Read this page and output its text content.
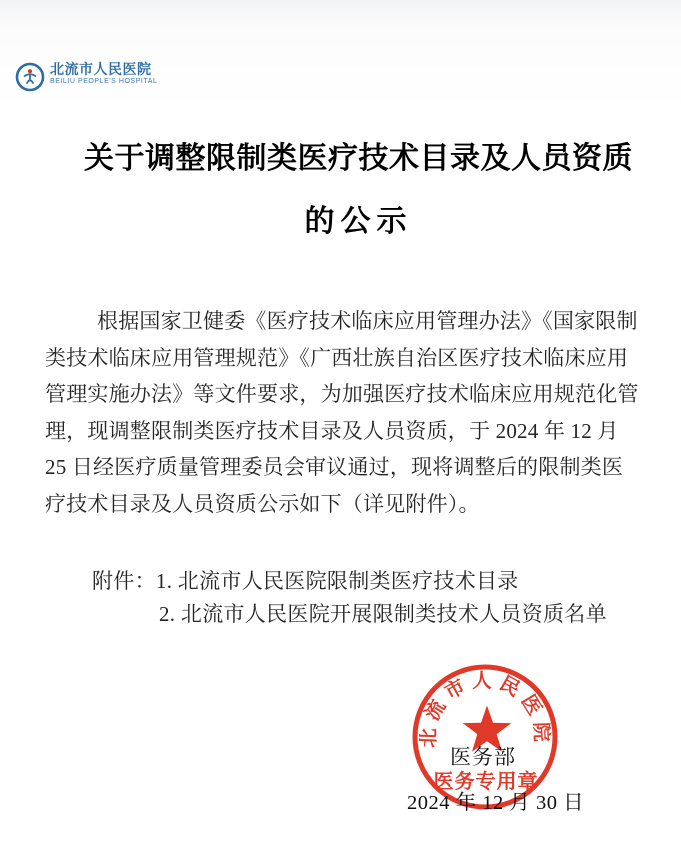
北流市人民医院
BEILIU PEOPLE'S HOSPITAL
关于调整限制类医疗技术目录及人员资质
的公示
根据国家卫健委《医疗技术临床应用管理办法》《国家限制
类技术临床应用管理规范》《广西壮族自治区医疗技术临床应用
管理实施办法》等文件要求，为加强医疗技术临床应用规范化管
理，现调整限制类医疗技术目录及人员资质，于 2024 年 12 月
25 日经医疗质量管理委员会审议通过，现将调整后的限制类医
疗技术目录及人员资质公示如下（详见附件）。
附件：1. 北流市人民医院限制类医疗技术目录
2. 北流市人民医院开展限制类技术人员资质名单
医务部
2024 年 12 月 30 日
北流市人民医院
医务专用章
